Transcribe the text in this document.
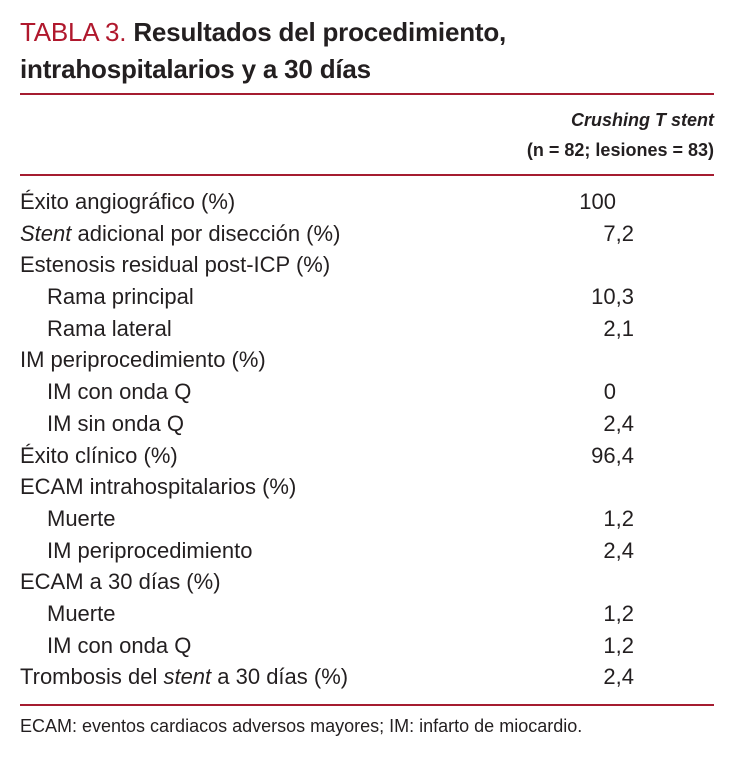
TABLA 3. Resultados del procedimiento, intrahospitalarios y a 30 días
Crushing T stent
(n = 82; lesiones = 83)
Éxito angiográfico (%)	100
Stent adicional por disección (%)	7,2
Estenosis residual post-ICP (%)
Rama principal	10,3
Rama lateral	2,1
IM periprocedimiento (%)
IM con onda Q	0
IM sin onda Q	2,4
Éxito clínico (%)	96,4
ECAM intrahospitalarios (%)
Muerte	1,2
IM periprocedimiento	2,4
ECAM a 30 días (%)
Muerte	1,2
IM con onda Q	1,2
Trombosis del stent a 30 días (%)	2,4
ECAM: eventos cardiacos adversos mayores; IM: infarto de miocardio.
